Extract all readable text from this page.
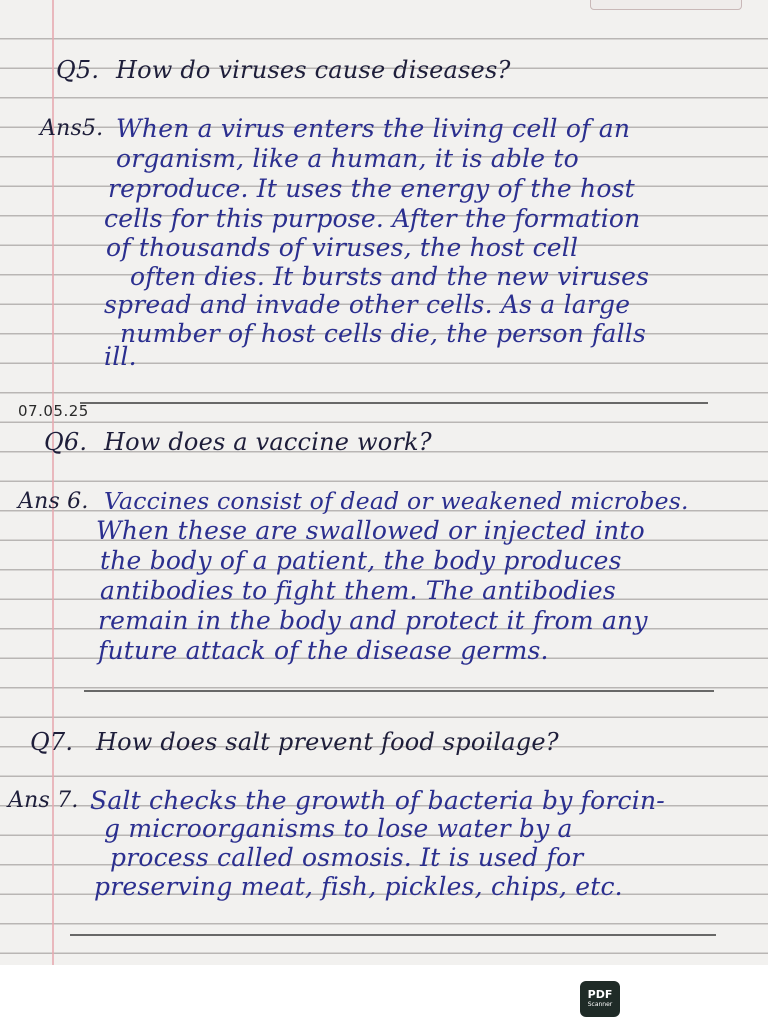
Q5. How do viruses cause diseases?

Ans5. When a virus enters the living cell of an

organism, like a human, it is able to

reproduce. It uses the energy of the host

cells for this purpose. After the formation

of thousands of viruses, the host cell

often dies. It bursts and the new viruses

spread and invade other cells. As a large

number of host cells die, the person falls

ill.

07.05.25

Q6. How does a vaccine work?

Ans 6. Vaccines consist of dead or weakened microbes.

When these are swallowed or injected into

the body of a patient, the body produces

antibodies to fight them. The antibodies

remain in the body and protect it from any

future attack of the disease germs.

Q7. How does salt prevent food spoilage?

Ans 7. Salt checks the growth of bacteria by forcin-

g microorganisms to lose water by a

process called osmosis. It is used for

preserving meat, fish, pickles, chips, etc.

PDF
Scanner
